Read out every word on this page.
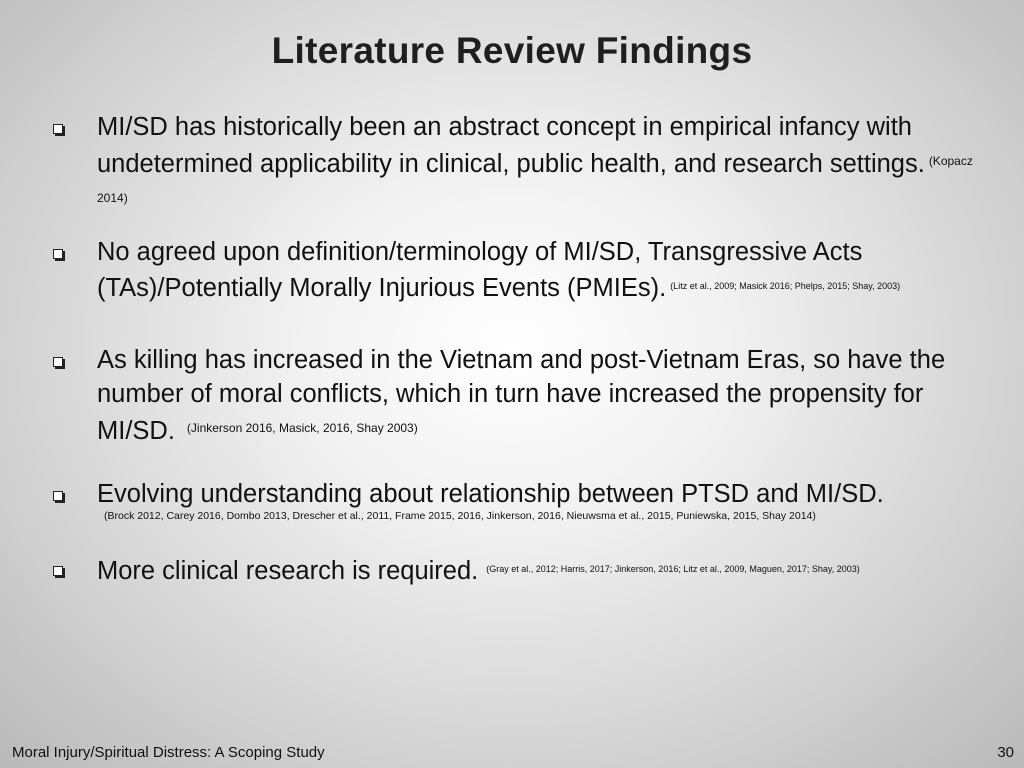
Literature Review Findings
MI/SD has historically been an abstract concept in empirical infancy with undetermined applicability in clinical, public health, and research settings. $^{(Kopacz 2014)}$
No agreed upon definition/terminology of MI/SD, Transgressive Acts (TAs)/Potentially Morally Injurious Events (PMIEs). $^{(Litz et al., 2009; Masick 2016; Phelps, 2015; Shay, 2003)}$
As killing has increased in the Vietnam and post-Vietnam Eras, so have the number of moral conflicts, which in turn have increased the propensity for MI/SD. $^{(Jinkerson 2016, Masick, 2016, Shay 2003)}$
Evolving understanding about relationship between PTSD and MI/SD.
(Brock 2012, Carey 2016, Dombo 2013, Drescher et al., 2011, Frame 2015, 2016, Jinkerson, 2016, Nieuwsma et al., 2015, Puniewska, 2015, Shay 2014)
More clinical research is required. $^{(Gray et al., 2012; Harris, 2017; Jinkerson, 2016; Litz et al., 2009, Maguen, 2017; Shay, 2003)}$
Moral Injury/Spiritual Distress: A Scoping Study	30
